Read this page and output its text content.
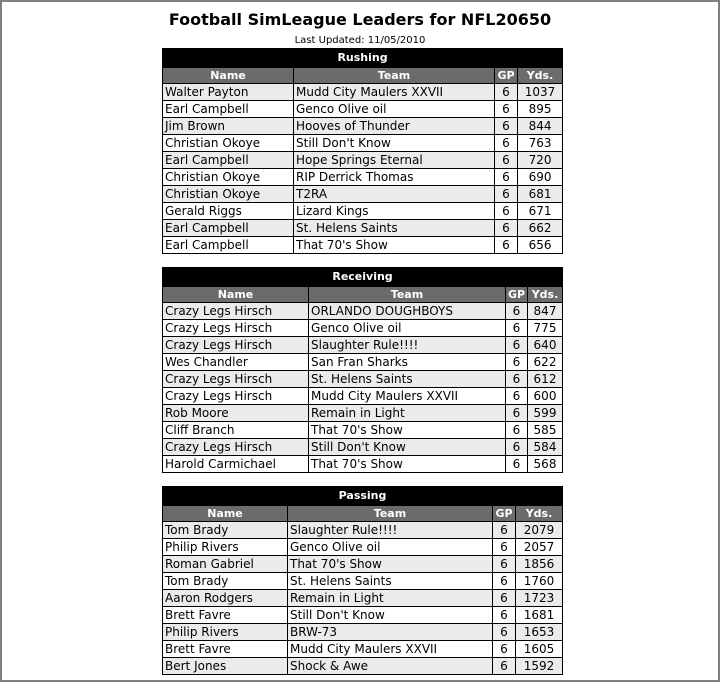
Football SimLeague Leaders for NFL20650
Last Updated: 11/05/2010
Rushing			
Name	Team	GP	Yds.
Walter Payton	Mudd City Maulers XXVII	6	1037
Earl Campbell	Genco Olive oil	6	895
Jim Brown	Hooves of Thunder	6	844
Christian Okoye	Still Don't Know	6	763
Earl Campbell	Hope Springs Eternal	6	720
Christian Okoye	RIP Derrick Thomas	6	690
Christian Okoye	T2RA	6	681
Gerald Riggs	Lizard Kings	6	671
Earl Campbell	St. Helens Saints	6	662
Earl Campbell	That 70's Show	6	656
Receiving			
Name	Team	GP	Yds.
Crazy Legs Hirsch	ORLANDO DOUGHBOYS	6	847
Crazy Legs Hirsch	Genco Olive oil	6	775
Crazy Legs Hirsch	Slaughter Rule!!!!	6	640
Wes Chandler	San Fran Sharks	6	622
Crazy Legs Hirsch	St. Helens Saints	6	612
Crazy Legs Hirsch	Mudd City Maulers XXVII	6	600
Rob Moore	Remain in Light	6	599
Cliff Branch	That 70's Show	6	585
Crazy Legs Hirsch	Still Don't Know	6	584
Harold Carmichael	That 70's Show	6	568
Passing			
Name	Team	GP	Yds.
Tom Brady	Slaughter Rule!!!!	6	2079
Philip Rivers	Genco Olive oil	6	2057
Roman Gabriel	That 70's Show	6	1856
Tom Brady	St. Helens Saints	6	1760
Aaron Rodgers	Remain in Light	6	1723
Brett Favre	Still Don't Know	6	1681
Philip Rivers	BRW-73	6	1653
Brett Favre	Mudd City Maulers XXVII	6	1605
Bert Jones	Shock & Awe	6	1592
